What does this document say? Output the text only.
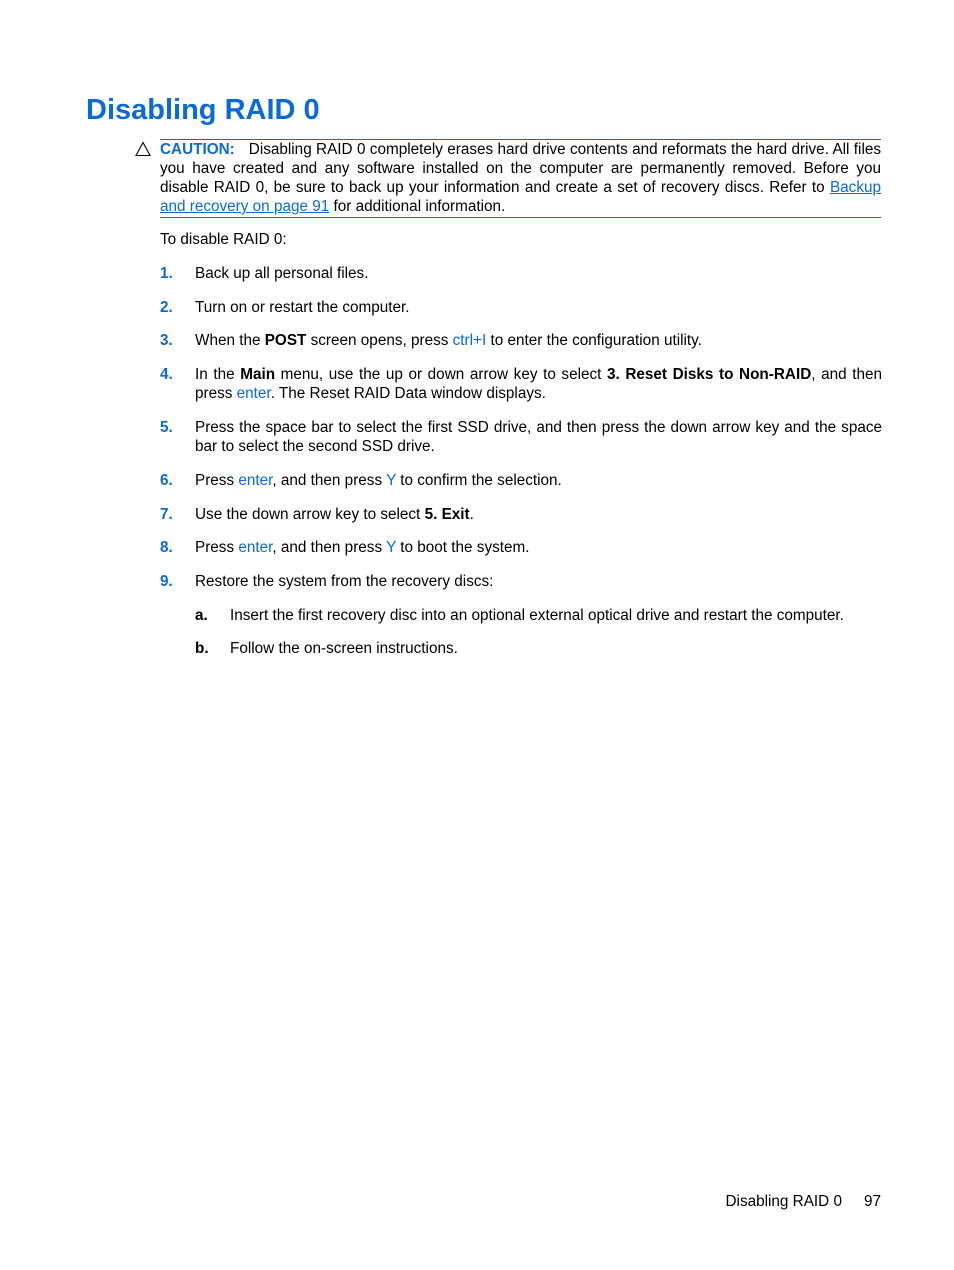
Disabling RAID 0
CAUTION: Disabling RAID 0 completely erases hard drive contents and reformats the hard drive. All files you have created and any software installed on the computer are permanently removed. Before you disable RAID 0, be sure to back up your information and create a set of recovery discs. Refer to Backup and recovery on page 91 for additional information.
To disable RAID 0:
1. Back up all personal files.
2. Turn on or restart the computer.
3. When the POST screen opens, press ctrl+I to enter the configuration utility.
4. In the Main menu, use the up or down arrow key to select 3. Reset Disks to Non-RAID, and then press enter. The Reset RAID Data window displays.
5. Press the space bar to select the first SSD drive, and then press the down arrow key and the space bar to select the second SSD drive.
6. Press enter, and then press Y to confirm the selection.
7. Use the down arrow key to select 5. Exit.
8. Press enter, and then press Y to boot the system.
9. Restore the system from the recovery discs:
a. Insert the first recovery disc into an optional external optical drive and restart the computer.
b. Follow the on-screen instructions.
Disabling RAID 0 97
